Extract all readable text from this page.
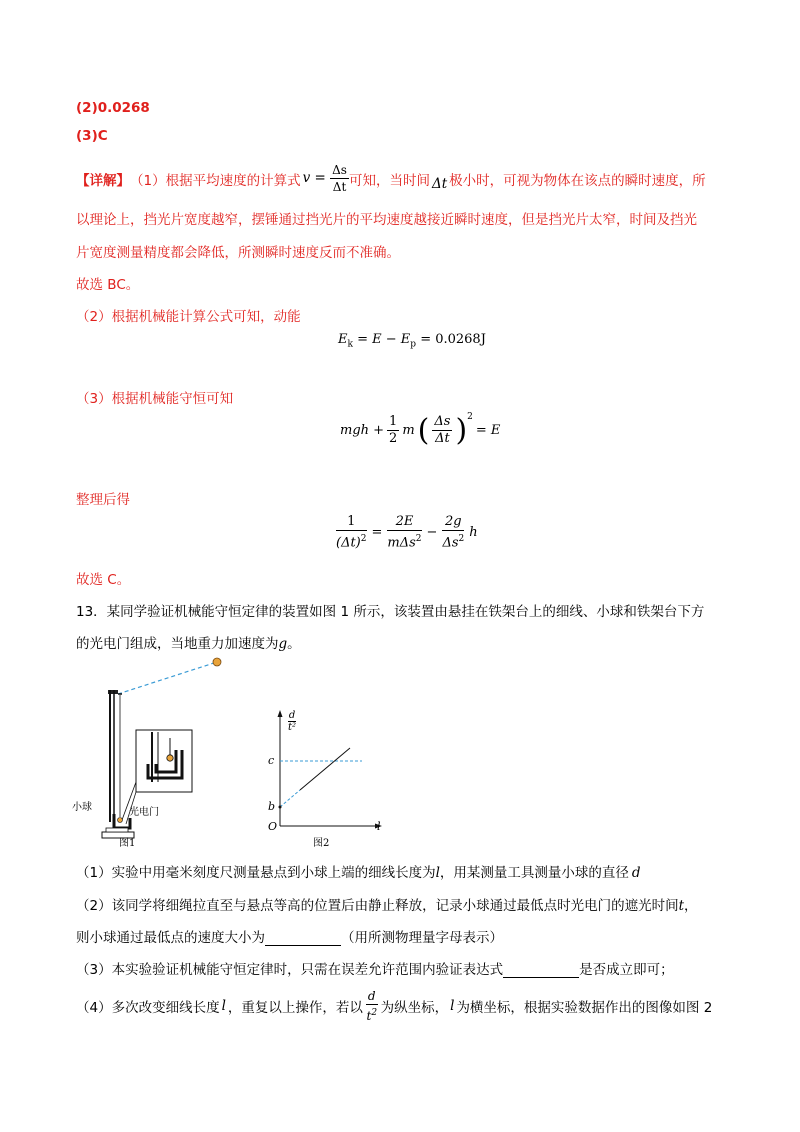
(2)0.0268
(3)C
【详解】 （1）根据平均速度的计算式 $v = \frac{\Delta s}{\Delta t}$ 可知，当时间 Δt 极小时，可视为物体在该点的瞬时速度，所
以理论上，挡光片宽度越窄，摆锤通过挡光片的平均速度越接近瞬时速度，但是挡光片太窄，时间及挡光
片宽度测量精度都会降低，所测瞬时速度反而不准确。
故选 BC。
（2）根据机械能计算公式可知，动能
$E_k = E - E_p = 0.0268J$
（3）根据机械能守恒可知
mgh + $\frac{1}{2}$ m ( $\frac{\Delta s}{\Delta t}$ ) 2
= E
整理后得
$\frac{1}{(\Delta t)^2} = \frac{2E}{m\Delta s^2} - \frac{2g}{\Delta s^2}$ h
故选 C。
13．某同学验证机械能守恒定律的装置如图 1 所示，该装置由悬挂在铁架台上的细线、小球和铁架台下方
的光电门组成，当地重力加速度为g。
小球	光电门
图1
$\frac{d}{\text{t²}}$
c
b
O	l
图2
（1）实验中用毫米刻度尺测量悬点到小球上端的细线长度为l，用某测量工具测量小球的直径 d
（2）该同学将细绳拉直至与悬点等高的位置后由静止释放，记录小球通过最低点时光电门的遮光时间t，
则小球通过最低点的速度大小为	（用所测物理量字母表示）
（3）本实验验证机械能守恒定律时，只需在误差允许范围内验证表达式	是否成立即可；
（4）多次改变细线长度 l ，重复以上操作，若以 $\frac{d}{t^2}$ 为纵坐标， l 为横坐标，根据实验数据作出的图像如图 2
